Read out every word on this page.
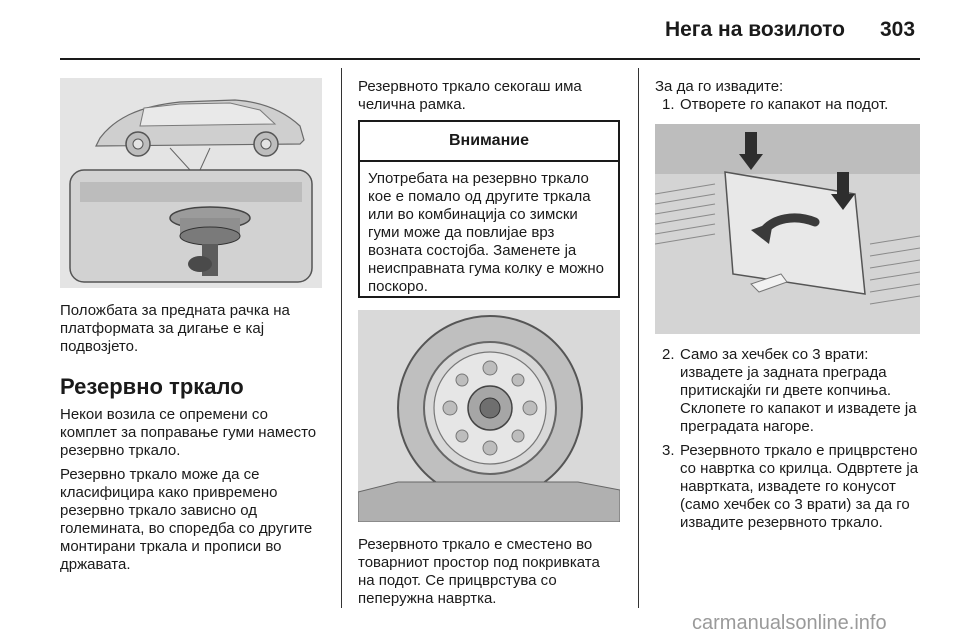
Нега на возилото 303

Положбата за предната рачка на платформата за дигање е кај подвозјето.

Резервно тркало

Некои возила се опремени со комплет за поправање гуми наместо резервно тркало.

Резервно тркало може да се класифицира како привремено резервно тркало зависно од големината, во споредба со другите монтирани тркала и прописи во државата.

Резервното тркало секогаш има челична рамка.

Внимание
Употребата на резервно тркало кое е помало од другите тркала или во комбинација со зимски гуми може да повлијае врз возната состојба. Заменете ја неисправната гума колку е можно поскоро.

Резервното тркало е сместено во товарниот простор под покривката на подот. Се прицврстува со пеперужна навртка.

За да го извадите:

1. Отворете го капакот на подот.
2. Само за хечбек со 3 врати: извадете ја задната преграда притискајќи ги двете копчиња. Склопете го капакот и извадете ја преградата нагоре.
3. Резервното тркало е прицврстено со навртка со крилца. Одвртете ја навртката, извадете го конусот (само хечбек со 3 врати) за да го извадите резервното тркало.
carmanualsonline.info
